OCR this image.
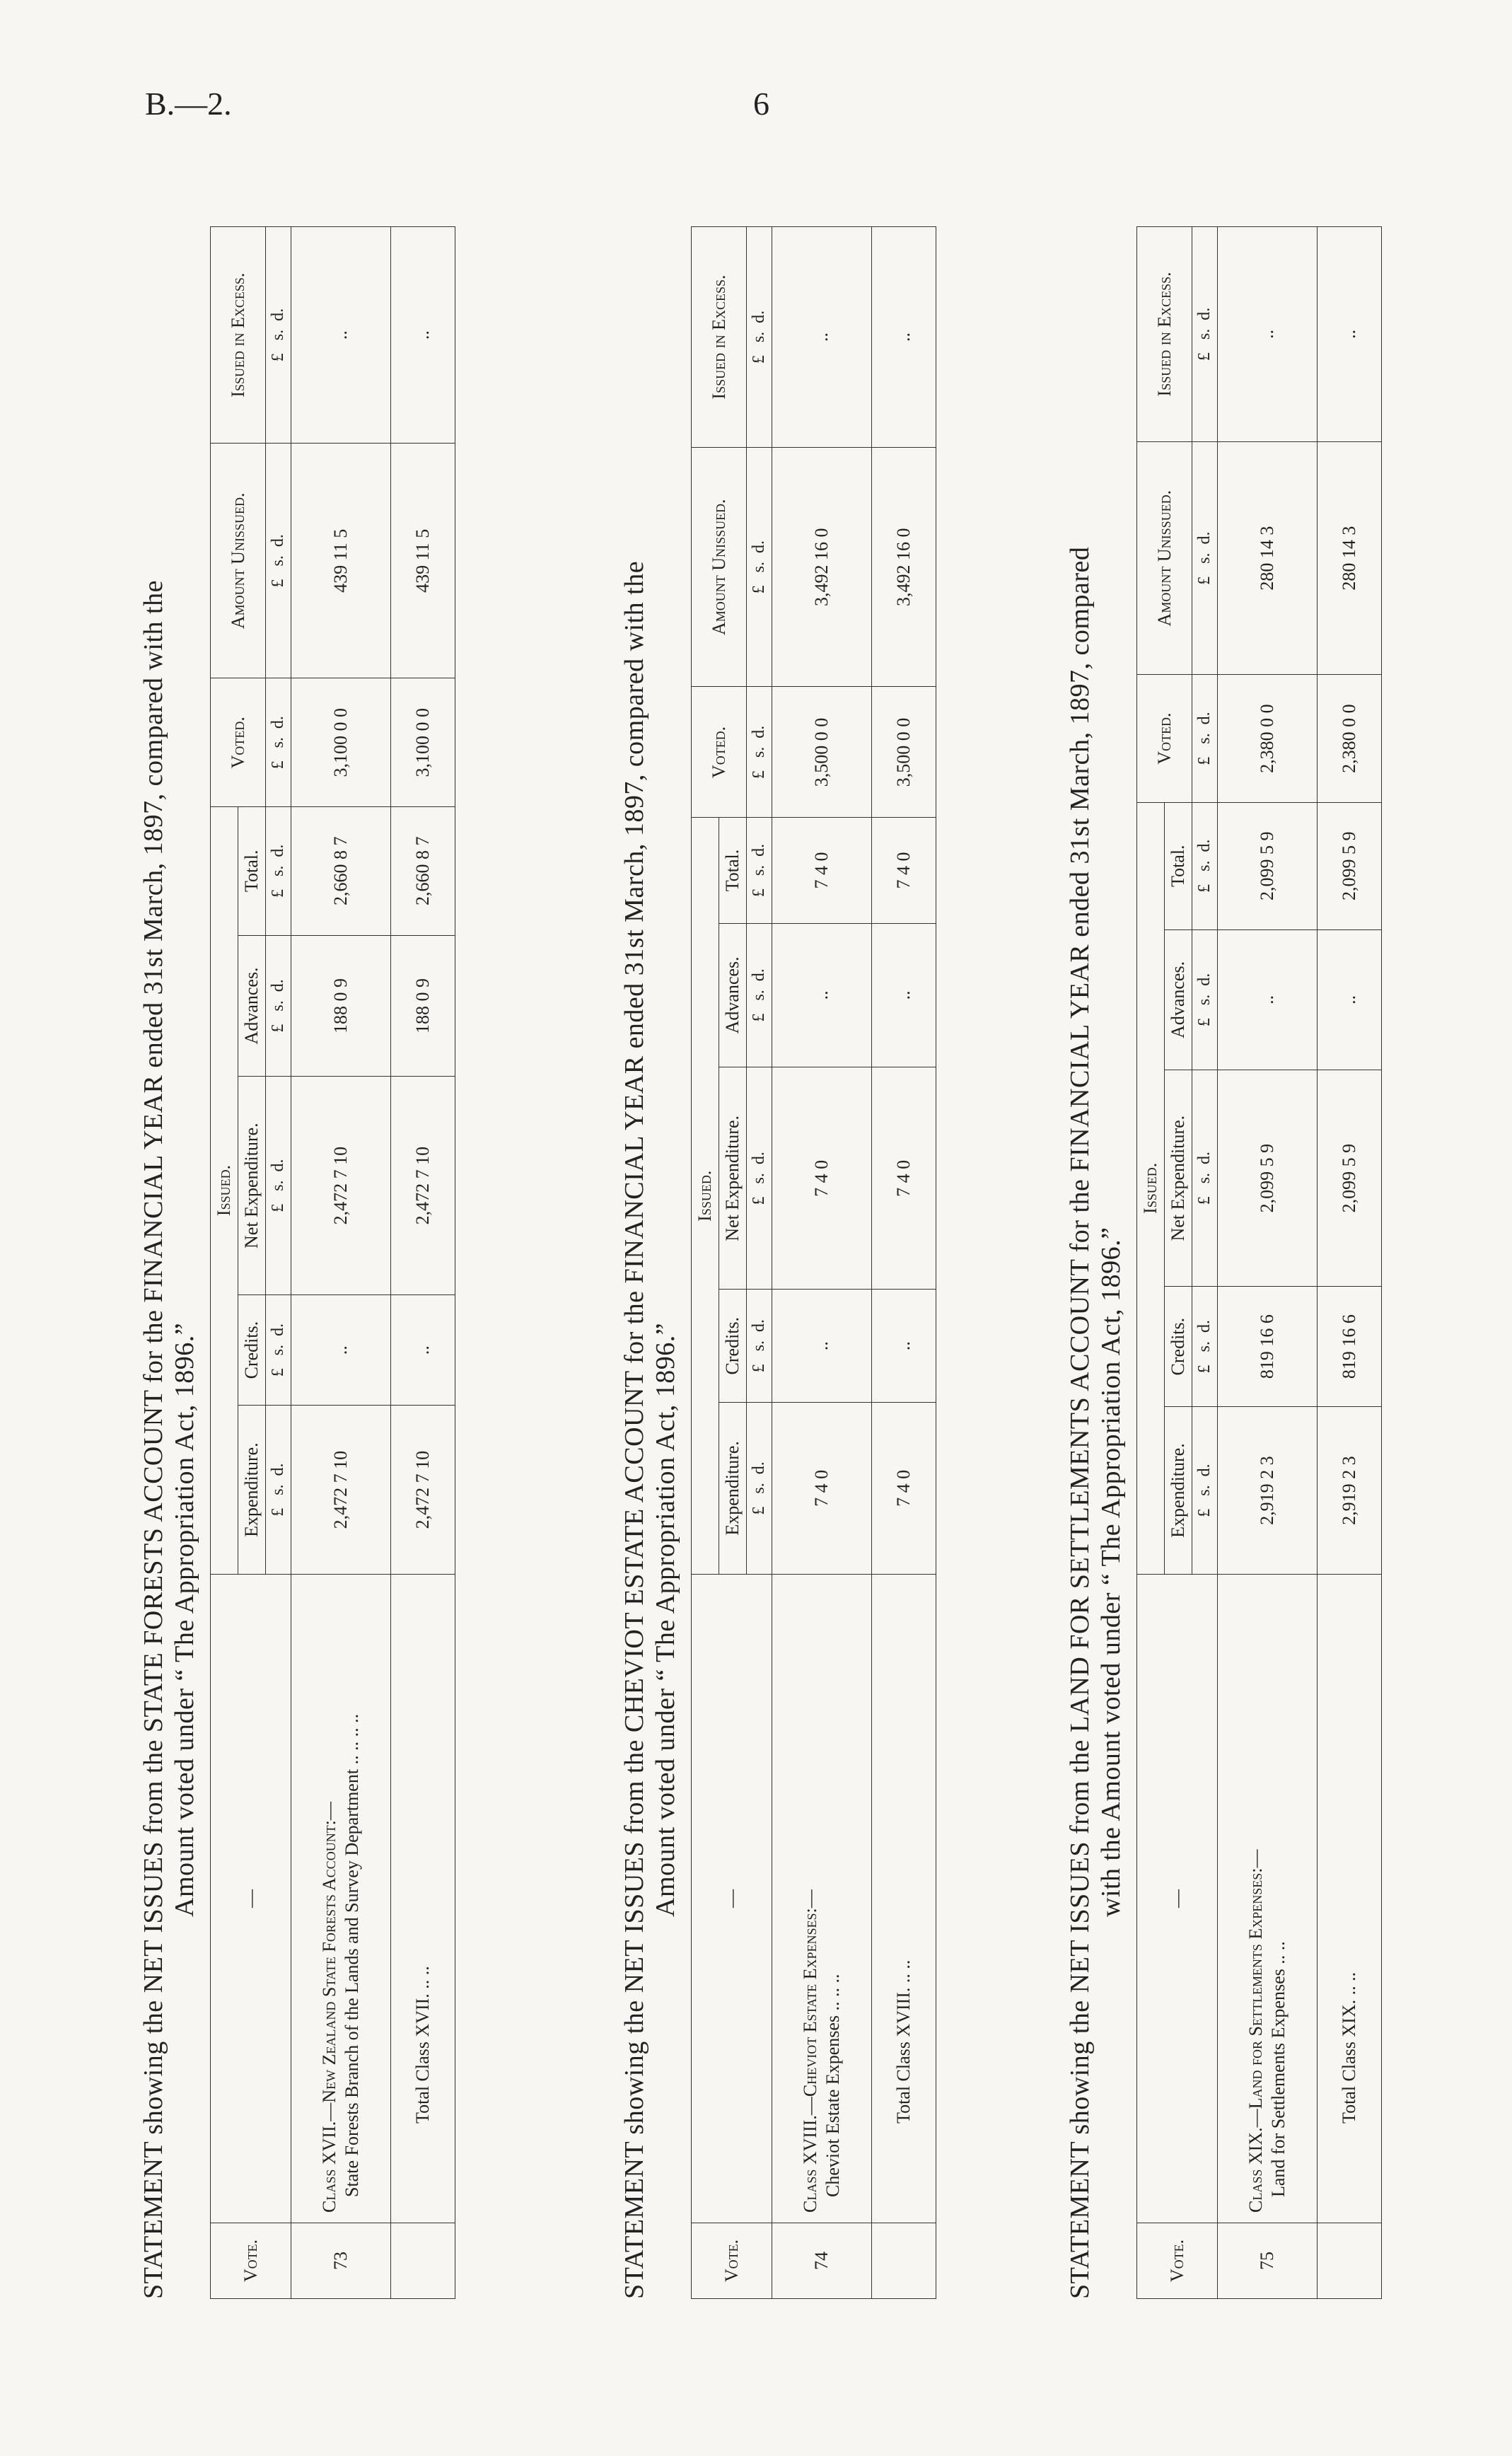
B.—2.	6
STATEMENT showing the NET ISSUES from the STATE FORESTS ACCOUNT for the FINANCIAL YEAR ended 31st March, 1897, compared with the Amount voted under “ The Appropriation Act, 1896.”
Vote.	—	Issued.					Voted.	Amount Unissued.	Issued in Excess.
		Expenditure.	Credits.	Net Expenditure.	Advances.	Total.			
		£   s.  d.	£   s.  d.	£   s.  d.	£   s.  d.	£   s.  d.	£   s.  d.	£   s.  d.	£   s.  d.
73	Class XVII.—New Zealand State Forests Account:— State Forests Branch of the Lands and Survey Department .. .. .. ..	2,472 7 10	..	2,472 7 10	188 0 9	2,660 8 7	3,100 0 0	439 11 5	..
	Total Class XVII. .. ..	2,472 7 10	..	2,472 7 10	188 0 9	2,660 8 7	3,100 0 0	439 11 5	..
STATEMENT showing the NET ISSUES from the CHEVIOT ESTATE ACCOUNT for the FINANCIAL YEAR ended 31st March, 1897, compared with the Amount voted under “ The Appropriation Act, 1896.”
Vote.	—	Issued.					Voted.	Amount Unissued.	Issued in Excess.
		Expenditure.	Credits.	Net Expenditure.	Advances.	Total.			
		£   s.  d.	£   s.  d.	£   s.  d.	£   s.  d.	£   s.  d.	£   s.  d.	£   s.  d.	£   s.  d.
74	Class XVIII.—Cheviot Estate Expenses:— Cheviot Estate Expenses .. .. ..	7 4 0	..	7 4 0	..	7 4 0	3,500 0 0	3,492 16 0	..
	Total Class XVIII. .. ..	7 4 0	..	7 4 0	..	7 4 0	3,500 0 0	3,492 16 0	..
STATEMENT showing the NET ISSUES from the LAND FOR SETTLEMENTS ACCOUNT for the FINANCIAL YEAR ended 31st March, 1897, compared with the Amount voted under “ The Appropriation Act, 1896.”
Vote.	—	Issued.					Voted.	Amount Unissued.	Issued in Excess.
		Expenditure.	Credits.	Net Expenditure.	Advances.	Total.			
		£   s.  d.	£   s.  d.	£   s.  d.	£   s.  d.	£   s.  d.	£   s.  d.	£   s.  d.	£   s.  d.
75	Class XIX.—Land for Settlements Expenses:— Land for Settlements Expenses .. ..	2,919 2 3	819 16 6	2,099 5 9	..	2,099 5 9	2,380 0 0	280 14 3	..
	Total Class XIX. .. ..	2,919 2 3	819 16 6	2,099 5 9	..	2,099 5 9	2,380 0 0	280 14 3	..
